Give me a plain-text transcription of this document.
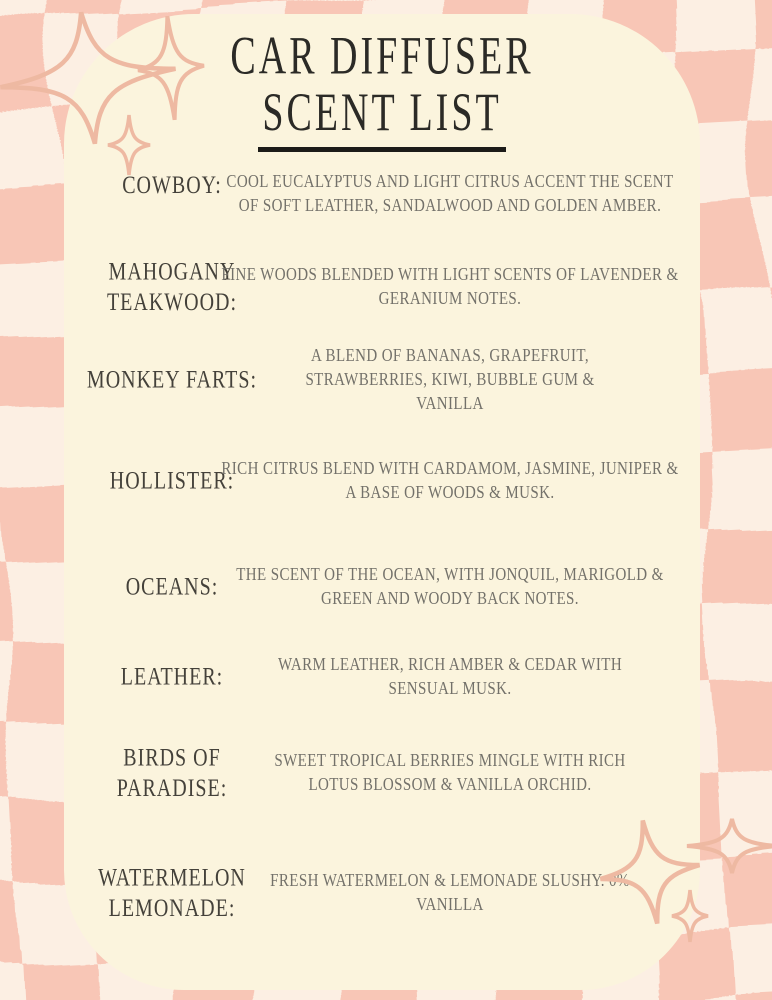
CAR DIFFUSER
SCENT LIST
COWBOY: COOL EUCALYPTUS AND LIGHT CITRUS ACCENT THE SCENT OF SOFT LEATHER, SANDALWOOD AND GOLDEN AMBER.
MAHOGANY TEAKWOOD:
FINE WOODS BLENDED WITH LIGHT SCENTS OF LAVENDER & GERANIUM NOTES.
MONKEY FARTS:
A BLEND OF BANANAS, GRAPEFRUIT, STRAWBERRIES, KIWI, BUBBLE GUM & VANILLA
HOLLISTER:
RICH CITRUS BLEND WITH CARDAMOM, JASMINE, JUNIPER & A BASE OF WOODS & MUSK.
OCEANS:	THE SCENT OF THE OCEAN, WITH JONQUIL, MARIGOLD & GREEN AND WOODY BACK NOTES.
LEATHER:	WARM LEATHER, RICH AMBER & CEDAR WITH SENSUAL MUSK.
BIRDS OF PARADISE:
SWEET TROPICAL BERRIES MINGLE WITH RICH LOTUS BLOSSOM & VANILLA ORCHID.
WATERMELON LEMONADE:
FRESH WATERMELON & LEMONADE SLUSHY. 0% VANILLA
